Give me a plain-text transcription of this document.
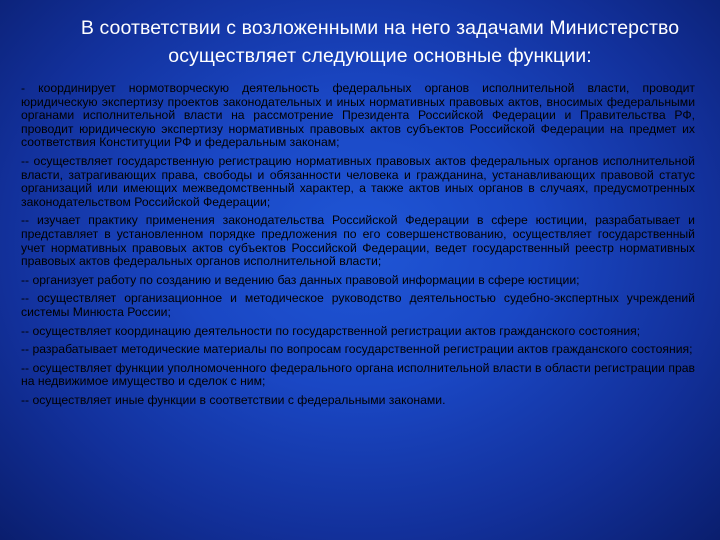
В соответствии с возложенными на него задачами Министерство
осуществляет следующие основные функции:

- координирует нормотворческую деятельность федеральных органов исполнительной власти, проводит юридическую экспертизу проектов законодательных и иных нормативных правовых актов, вносимых федеральными органами исполнительной власти на рассмотрение Президента Российской Федерации и Правительства РФ, проводит юридическую экспертизу нормативных правовых актов субъектов Российской Федерации на предмет их соответствия Конституции РФ и федеральным законам;

-- осуществляет государственную регистрацию нормативных правовых актов федеральных органов исполнительной власти, затрагивающих права, свободы и обязанности человека и гражданина, устанавливающих правовой статус организаций или имеющих межведомственный характер, а также актов иных органов в случаях, предусмотренных законодательством Российской Федерации;

-- изучает практику применения законодательства Российской Федерации в сфере юстиции, разрабатывает и представляет в установленном порядке предложения по его совершенствованию, осуществляет государственный учет нормативных правовых актов субъектов Российской Федерации, ведет государственный реестр нормативных правовых актов федеральных органов исполнительной власти;

-- организует работу по созданию и ведению баз данных правовой информации в сфере юстиции;

-- осуществляет организационное и методическое руководство деятельностью судебно-экспертных учреждений системы Минюста России;

-- осуществляет координацию деятельности по государственной регистрации актов гражданского состояния;

-- разрабатывает методические материалы по вопросам государственной регистрации актов гражданского состояния;

-- осуществляет функции уполномоченного федерального органа исполнительной власти в области регистрации прав на недвижимое имущество и сделок с ним;

-- осуществляет иные функции в соответствии с федеральными законами.
